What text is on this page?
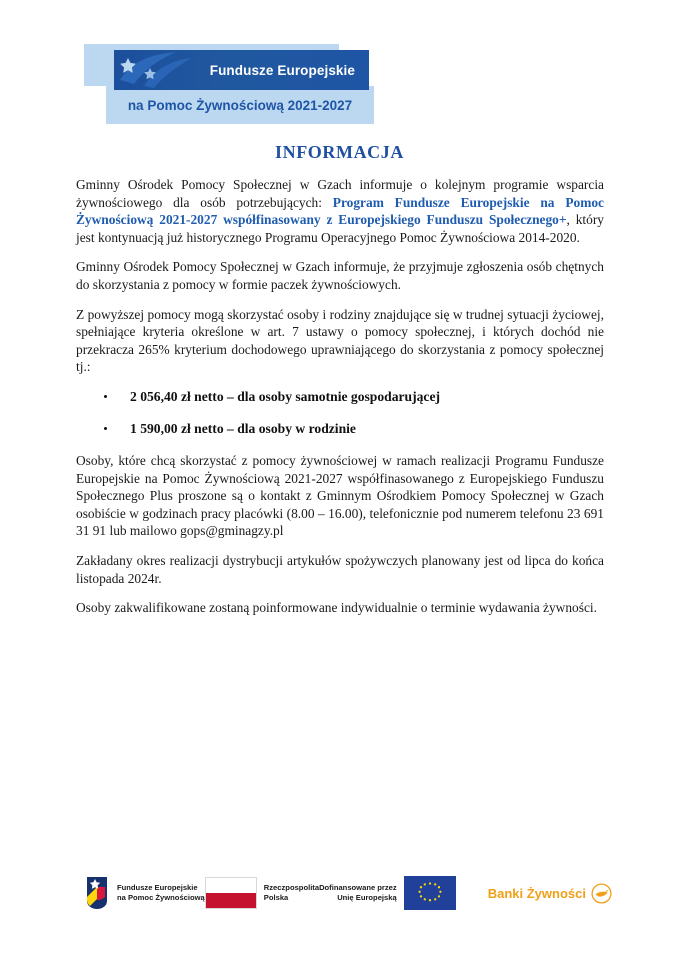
Fundusze Europejskie
na Pomoc Żywnościową 2021-2027
INFORMACJA

Gminny Ośrodek Pomocy Społecznej w Gzach informuje o kolejnym programie wsparcia żywnościowego dla osób potrzebujących: Program Fundusze Europejskie na Pomoc Żywnościową 2021-2027 współfinasowany z Europejskiego Funduszu Społecznego+, który jest kontynuacją już historycznego Programu Operacyjnego Pomoc Żywnościowa 2014-2020.

Gminny Ośrodek Pomocy Społecznej w Gzach informuje, że przyjmuje zgłoszenia osób chętnych do skorzystania z pomocy w formie paczek żywnościowych.

Z powyższej pomocy mogą skorzystać osoby i rodziny znajdujące się w trudnej sytuacji życiowej, spełniające kryteria określone w art. 7 ustawy o pomocy społecznej, i których dochód nie przekracza 265% kryterium dochodowego uprawniającego do skorzystania z pomocy społecznej tj.:

2 056,40 zł netto – dla osoby samotnie gospodarującej
1 590,00 zł netto – dla osoby w rodzinie

Osoby, które chcą skorzystać z pomocy żywnościowej w ramach realizacji Programu Fundusze Europejskie na Pomoc Żywnościową 2021-2027 współfinasowanego z Europejskiego Funduszu Społecznego Plus proszone są o kontakt z Gminnym Ośrodkiem Pomocy Społecznej w Gzach osobiście w godzinach pracy placówki (8.00 – 16.00), telefonicznie pod numerem telefonu 23 691 31 91 lub mailowo gops@gminagzy.pl

Zakładany okres realizacji dystrybucji artykułów spożywczych planowany jest od lipca do końca listopada 2024r.

Osoby zakwalifikowane zostaną poinformowane indywidualnie o terminie wydawania żywności.

Fundusze Europejskie
na Pomoc Żywnościową
Rzeczpospolita
Polska
Dofinansowane przez
Unię Europejską	Banki Żywności
